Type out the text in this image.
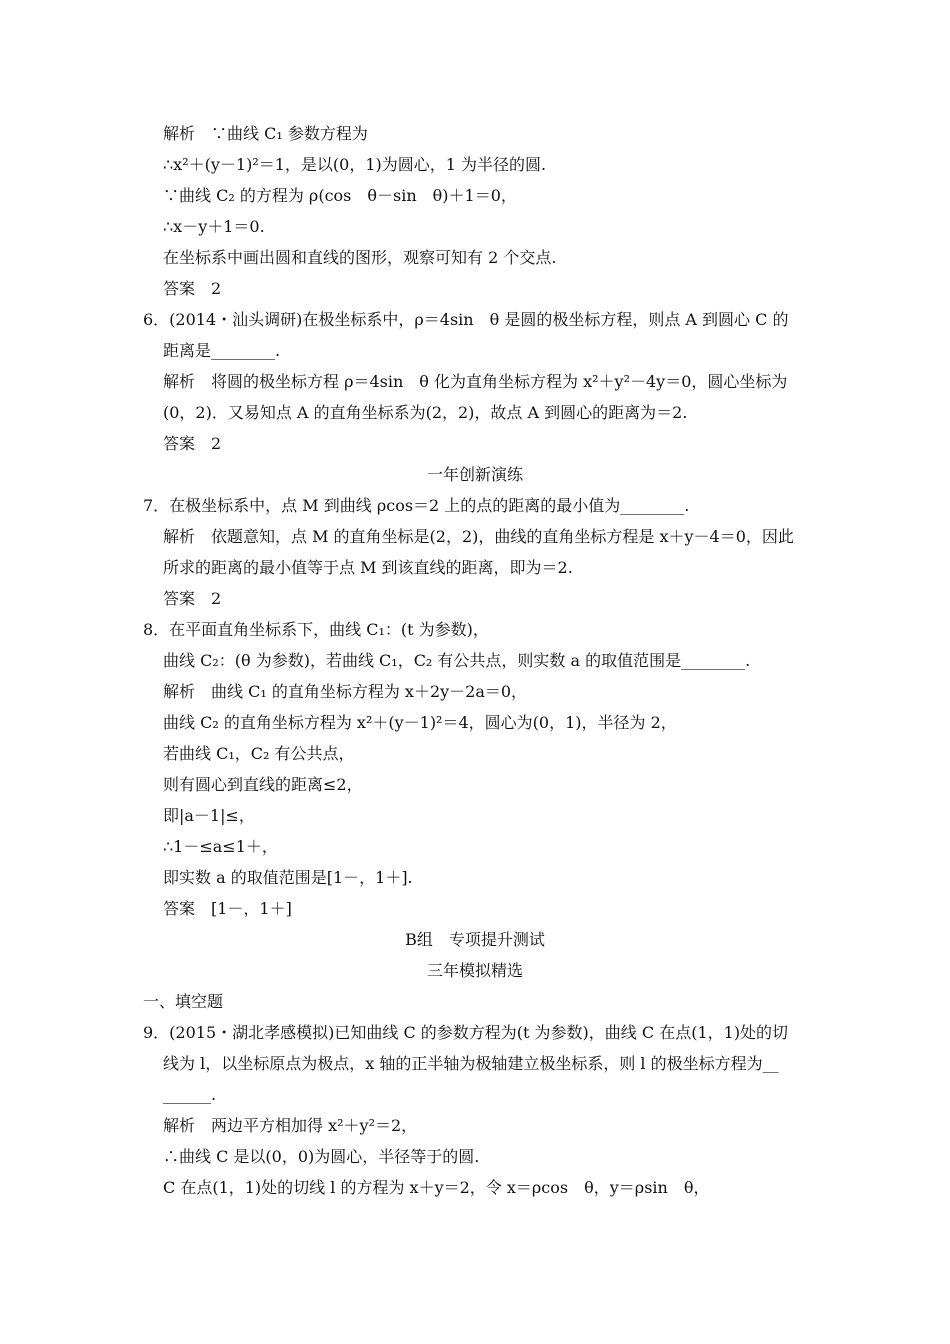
解析　∵曲线 C₁ 参数方程为
∴x²＋(y－1)²＝1，是以(0，1)为圆心，1 为半径的圆.
∵曲线 C₂ 的方程为 ρ(cos　θ－sin　θ)＋1＝0，
∴x－y＋1＝0.
在坐标系中画出圆和直线的图形，观察可知有 2 个交点.
答案　2
6．(2014・汕头调研)在极坐标系中，ρ＝4sin　θ 是圆的极坐标方程，则点 A 到圆心 C 的
距离是________.
解析　将圆的极坐标方程 ρ＝4sin　θ 化为直角坐标方程为 x²＋y²－4y＝0，圆心坐标为
(0，2)．又易知点 A 的直角坐标系为(2，2)，故点 A 到圆心的距离为＝2.
答案　2
一年创新演练
7．在极坐标系中，点 M 到曲线 ρcos＝2 上的点的距离的最小值为________.
解析　依题意知，点 M 的直角坐标是(2，2)，曲线的直角坐标方程是 x＋y－4＝0，因此
所求的距离的最小值等于点 M 到该直线的距离，即为＝2.
答案　2
8．在平面直角坐标系下，曲线 C₁：(t 为参数)，
曲线 C₂：(θ 为参数)，若曲线 C₁，C₂ 有公共点，则实数 a 的取值范围是________.
解析　曲线 C₁ 的直角坐标方程为 x＋2y－2a＝0，
曲线 C₂ 的直角坐标方程为 x²＋(y－1)²＝4，圆心为(0，1)，半径为 2，
若曲线 C₁，C₂ 有公共点，
则有圆心到直线的距离≤2，
即|a－1|≤，
∴1－≤a≤1＋，
即实数 a 的取值范围是[1－，1＋].
答案　[1－，1＋]
B组　专项提升测试
三年模拟精选
一、填空题
9．(2015・湖北孝感模拟)已知曲线 C 的参数方程为(t 为参数)，曲线 C 在点(1，1)处的切
线为 l，以坐标原点为极点，x 轴的正半轴为极轴建立极坐标系，则 l 的极坐标方程为__
______.
解析　两边平方相加得 x²＋y²＝2，
∴曲线 C 是以(0，0)为圆心，半径等于的圆.
C 在点(1，1)处的切线 l 的方程为 x＋y＝2，令 x＝ρcos　θ，y＝ρsin　θ，
